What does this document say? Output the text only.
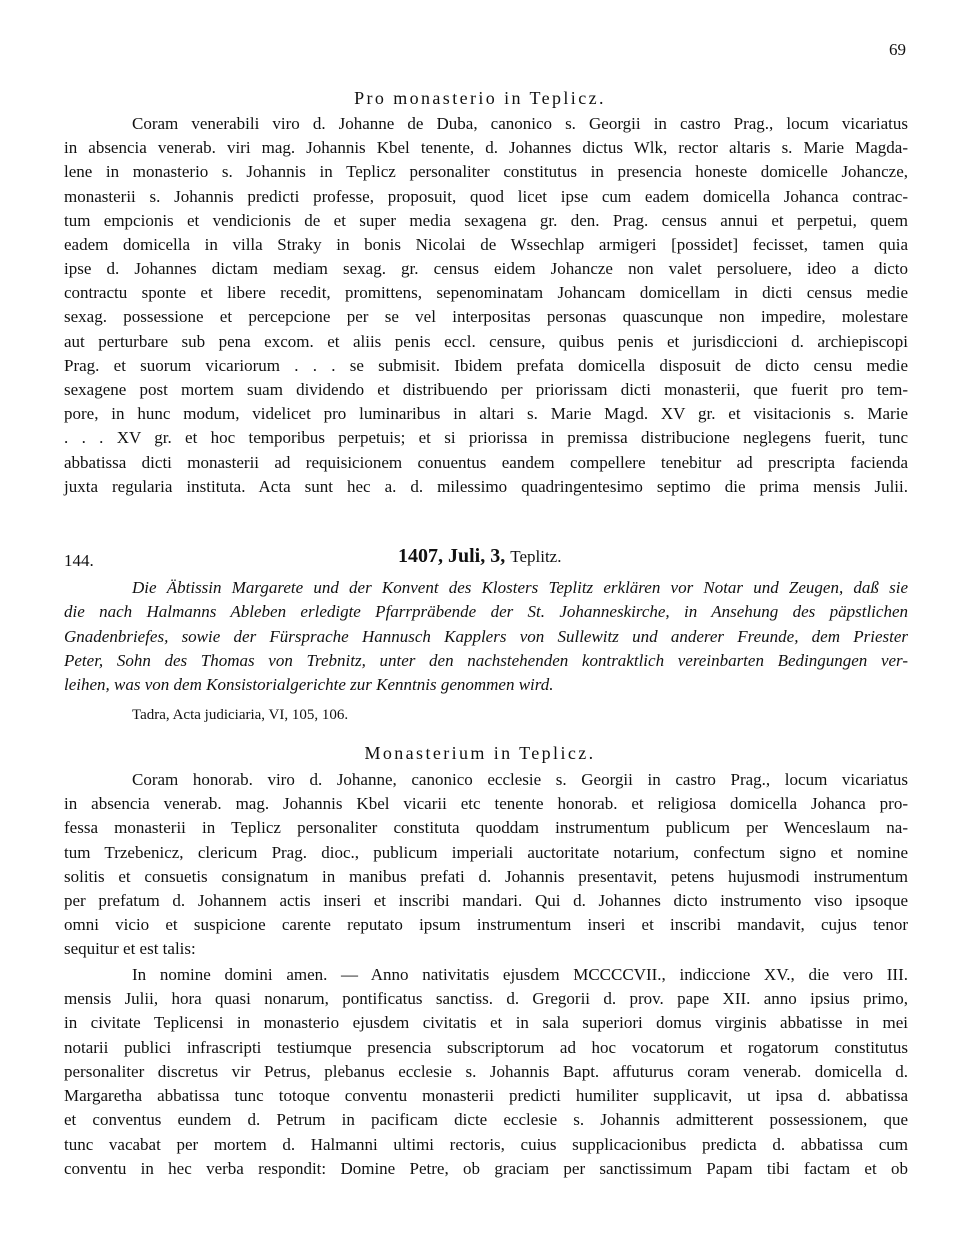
69
Pro monasterio in Teplicz.
Coram venerabili viro d. Johanne de Duba, canonico s. Georgii in castro Prag., locum vicariatus
in absencia venerab. viri mag. Johannis Kbel tenente, d. Johannes dictus Wlk, rector altaris s. Marie Magda-
lene in monasterio s. Johannis in Teplicz personaliter constitutus in presencia honeste domicelle Johancze,
monasterii s. Johannis predicti professe, proposuit, quod licet ipse cum eadem domicella Johanca contrac-
tum empcionis et vendicionis de et super media sexagena gr. den. Prag. census annui et perpetui, quem
eadem domicella in villa Straky in bonis Nicolai de Wssechlap armigeri [possidet] fecisset, tamen quia
ipse d. Johannes dictam mediam sexag. gr. census eidem Johancze non valet persoluere, ideo a dicto
contractu sponte et libere recedit, promittens, sepenominatam Johancam domicellam in dicti census medie
sexag. possessione et percepcione per se vel interpositas personas quascunque non impedire, molestare
aut perturbare sub pena excom. et aliis penis eccl. censure, quibus penis et jurisdiccioni d. archiepiscopi
Prag. et suorum vicariorum . . . se submisit. Ibidem prefata domicella disposuit de dicto censu medie
sexagene post mortem suam dividendo et distribuendo per priorissam dicti monasterii, que fuerit pro tem-
pore, in hunc modum, videlicet pro luminaribus in altari s. Marie Magd. XV gr. et visitacionis s. Marie
. . . XV gr. et hoc temporibus perpetuis; et si priorissa in premissa distribucione neglegens fuerit, tunc
abbatissa dicti monasterii ad requisicionem conuentus eandem compellere tenebitur ad prescripta facienda
juxta regularia instituta. Acta sunt hec a. d. milessimo quadringentesimo septimo die prima mensis Julii.
144.	1407, Juli, 3, Teplitz.
Die Äbtissin Margarete und der Konvent des Klosters Teplitz erklären vor Notar und Zeugen, daß sie
die nach Halmanns Ableben erledigte Pfarrpräbende der St. Johanneskirche, in Ansehung des päpstlichen
Gnadenbriefes, sowie der Fürsprache Hannusch Kapplers von Sullewitz und anderer Freunde, dem Priester
Peter, Sohn des Thomas von Trebnitz, unter den nachstehenden kontraktlich vereinbarten Bedingungen ver-
leihen, was von dem Konsistorialgerichte zur Kenntnis genommen wird.
Tadra, Acta judiciaria, VI, 105, 106.
Monasterium in Teplicz.
Coram honorab. viro d. Johanne, canonico ecclesie s. Georgii in castro Prag., locum vicariatus
in absencia venerab. mag. Johannis Kbel vicarii etc tenente honorab. et religiosa domicella Johanca pro-
fessa monasterii in Teplicz personaliter constituta quoddam instrumentum publicum per Wenceslaum na-
tum Trzebenicz, clericum Prag. dioc., publicum imperiali auctoritate notarium, confectum signo et nomine
solitis et consuetis consignatum in manibus prefati d. Johannis presentavit, petens hujusmodi instrumentum
per prefatum d. Johannem actis inseri et inscribi mandari. Qui d. Johannes dicto instrumento viso ipsoque
omni vicio et suspicione carente reputato ipsum instrumentum inseri et inscribi mandavit, cujus tenor
sequitur et est talis:
In nomine domini amen. — Anno nativitatis ejusdem MCCCCVII., indiccione XV., die vero III.
mensis Julii, hora quasi nonarum, pontificatus sanctiss. d. Gregorii d. prov. pape XII. anno ipsius primo,
in civitate Teplicensi in monasterio ejusdem civitatis et in sala superiori domus virginis abbatisse in mei
notarii publici infrascripti testiumque presencia subscriptorum ad hoc vocatorum et rogatorum constitutus
personaliter discretus vir Petrus, plebanus ecclesie s. Johannis Bapt. affuturus coram venerab. domicella d.
Margaretha abbatissa tunc totoque conventu monasterii predicti humiliter supplicavit, ut ipsa d. abbatissa
et conventus eundem d. Petrum in pacificam dicte ecclesie s. Johannis admitterent possessionem, que
tunc vacabat per mortem d. Halmanni ultimi rectoris, cuius supplicacionibus predicta d. abbatissa cum
conventu in hec verba respondit: Domine Petre, ob graciam per sanctissimum Papam tibi factam et ob
